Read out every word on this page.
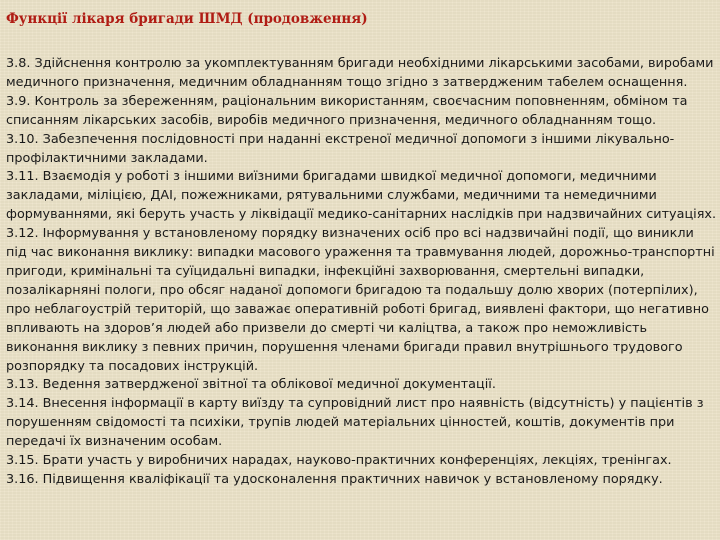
Функції лікаря бригади ШМД (продовження)

3.8. Здійснення контролю за укомплектуванням бригади необхідними лікарськими засобами, виробами медичного призначення, медичним обладнанням тощо згідно з затвердженим табелем оснащення.

3.9. Контроль за збереженням, раціональним використанням, своєчасним поповненням, обміном та списанням лікарських засобів, виробів медичного призначення, медичного обладнанням тощо.

3.10. Забезпечення послідовності при наданні екстреної медичної допомоги з іншими лікувально-профілактичними закладами.

3.11. Взаємодія у роботі з іншими виїзними бригадами швидкої медичної допомоги, медичними закладами, міліцією, ДАІ, пожежниками, рятувальними службами, медичними та немедичними формуваннями, які беруть участь у ліквідації медико-санітарних наслідків при надзвичайних ситуаціях.

3.12. Інформування у встановленому порядку визначених осіб про всі надзвичайні події, що виникли під час виконання виклику: випадки масового ураження та травмування людей, дорожньо-транспортні пригоди, кримінальні та суїцидальні випадки, інфекційні захворювання, смертельні випадки, позалікарняні пологи, про обсяг наданої допомоги бригадою та подальшу долю хворих (потерпілих), про неблагоустрій територій, що заважає оперативній роботі бригад, виявлені фактори, що негативно впливають на здоров’я людей або призвели до смерті чи каліцтва, а також про неможливість виконання виклику з певних причин, порушення членами бригади правил внутрішнього трудового розпорядку та посадових інструкцій.

3.13. Ведення затвердженої звітної та облікової медичної документації.

3.14. Внесення інформації в карту виїзду та супровідний лист про наявність (відсутність) у пацієнтів з порушенням свідомості та психіки, трупів людей матеріальних цінностей, коштів, документів при передачі їх визначеним особам.

3.15. Брати участь у виробничих нарадах, науково-практичних конференціях, лекціях, тренінгах.

3.16. Підвищення кваліфікації та удосконалення практичних навичок у встановленому порядку.
